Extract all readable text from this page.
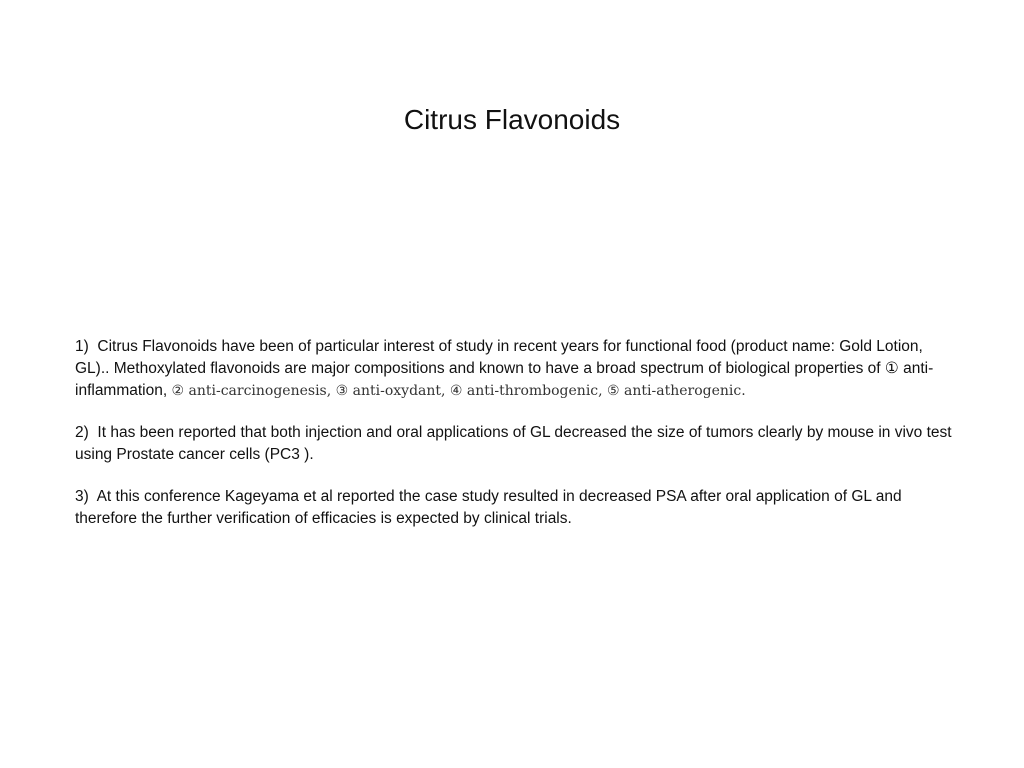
Citrus Flavonoids

1) Citrus Flavonoids have been of particular interest of study in recent years for functional food (product name: Gold Lotion, GL).. Methoxylated flavonoids are major compositions and known to have a broad spectrum of biological properties of ① anti-inflammation, ② anti-carcinogenesis, ③ anti-oxydant, ④ anti-thrombogenic, ⑤ anti-atherogenic.

2) It has been reported that both injection and oral applications of GL decreased the size of tumors clearly by mouse in vivo test using Prostate cancer cells (PC3 ).

3) At this conference Kageyama et al reported the case study resulted in decreased PSA after oral application of GL and therefore the further verification of efficacies is expected by clinical trials.
